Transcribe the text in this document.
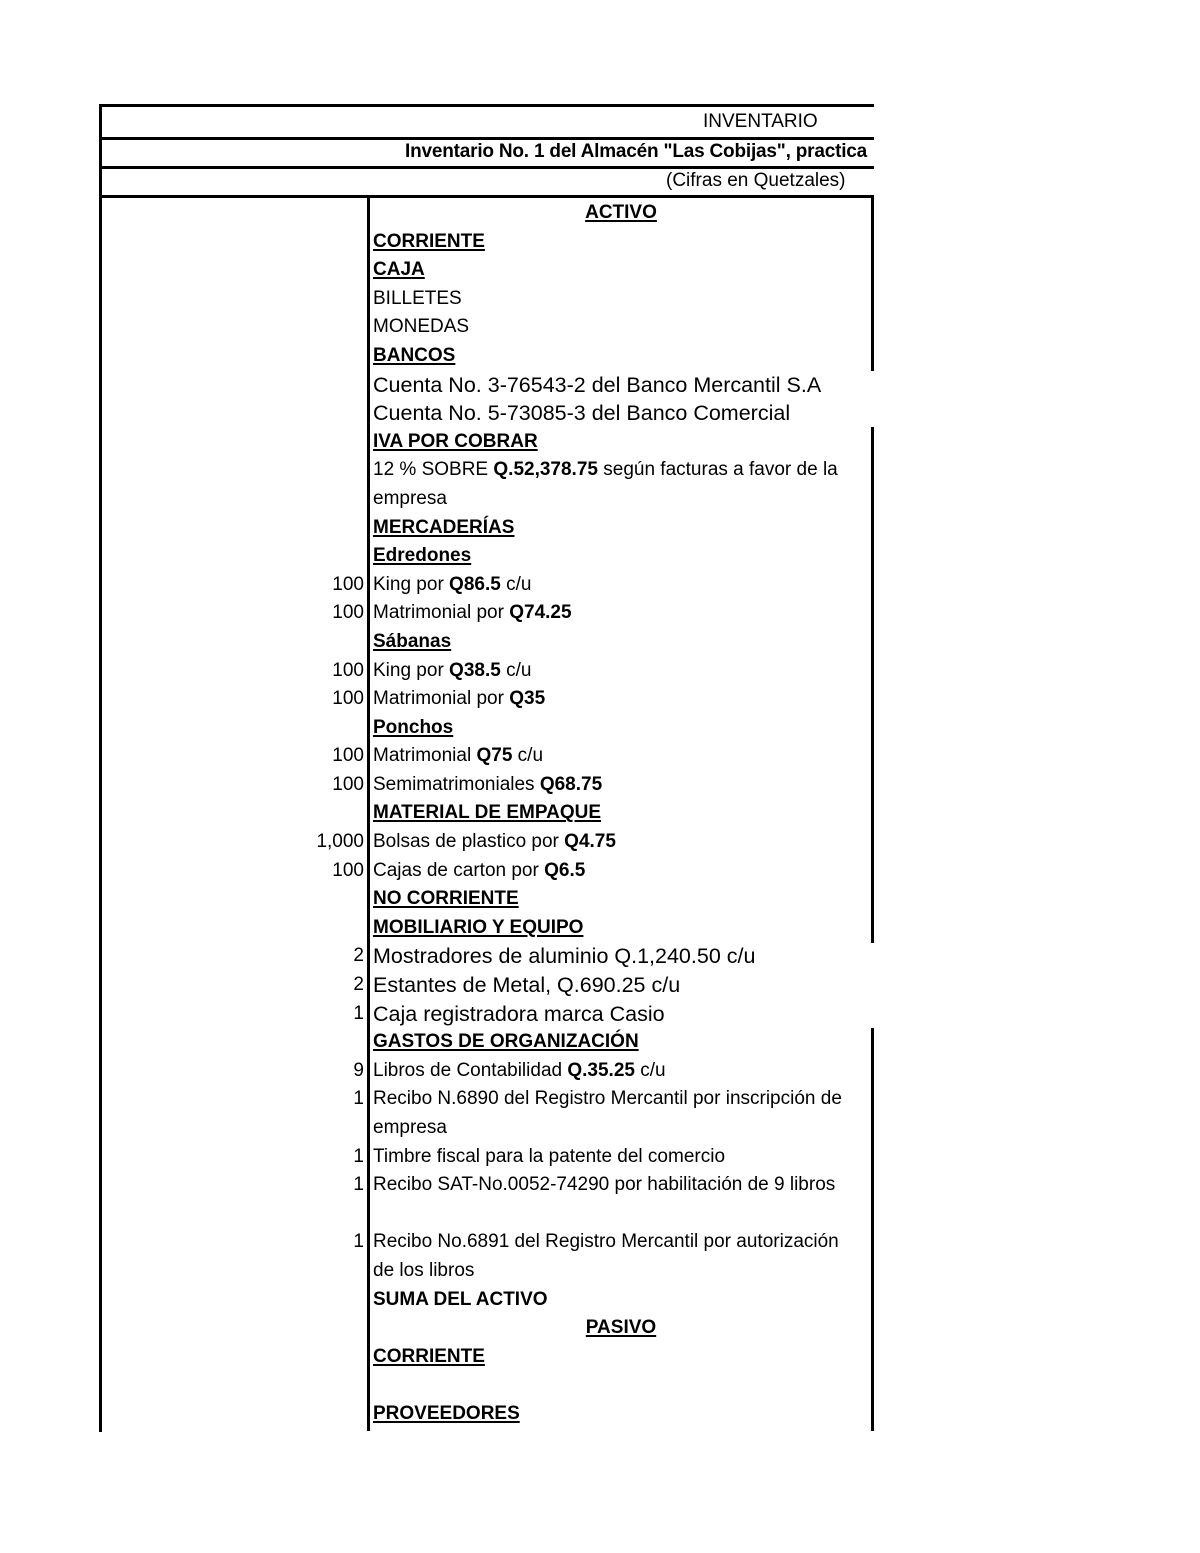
INVENTARIO
Inventario No. 1 del Almacén "Las Cobijas", practica
(Cifras en Quetzales)
ACTIVO
CORRIENTE
CAJA
BILLETES
MONEDAS
BANCOS
Cuenta No. 3-76543-2 del Banco Mercantil S.A
Cuenta No. 5-73085-3 del Banco Comercial
IVA POR COBRAR
12 % SOBRE Q.52,378.75 según facturas a favor de la
empresa
MERCADERÍAS
Edredones
100 King por Q86.5 c/u
100 Matrimonial por Q74.25
Sábanas
100 King por Q38.5 c/u
100 Matrimonial por Q35
Ponchos
100 Matrimonial Q75 c/u
100 Semimatrimoniales Q68.75
MATERIAL DE EMPAQUE
1,000 Bolsas de plastico por Q4.75
100 Cajas de carton por Q6.5
NO CORRIENTE
MOBILIARIO Y EQUIPO
2 Mostradores de aluminio Q.1,240.50 c/u
2 Estantes de Metal, Q.690.25 c/u
1 Caja registradora marca Casio
GASTOS DE ORGANIZACIÓN
9 Libros de Contabilidad Q.35.25 c/u
1 Recibo N.6890 del Registro Mercantil por inscripción de
empresa
1 Timbre fiscal para la patente del comercio
1 Recibo SAT-No.0052-74290 por habilitación de 9 libros
1 Recibo No.6891 del Registro Mercantil por autorización
de los libros
SUMA DEL ACTIVO
PASIVO
CORRIENTE
PROVEEDORES
